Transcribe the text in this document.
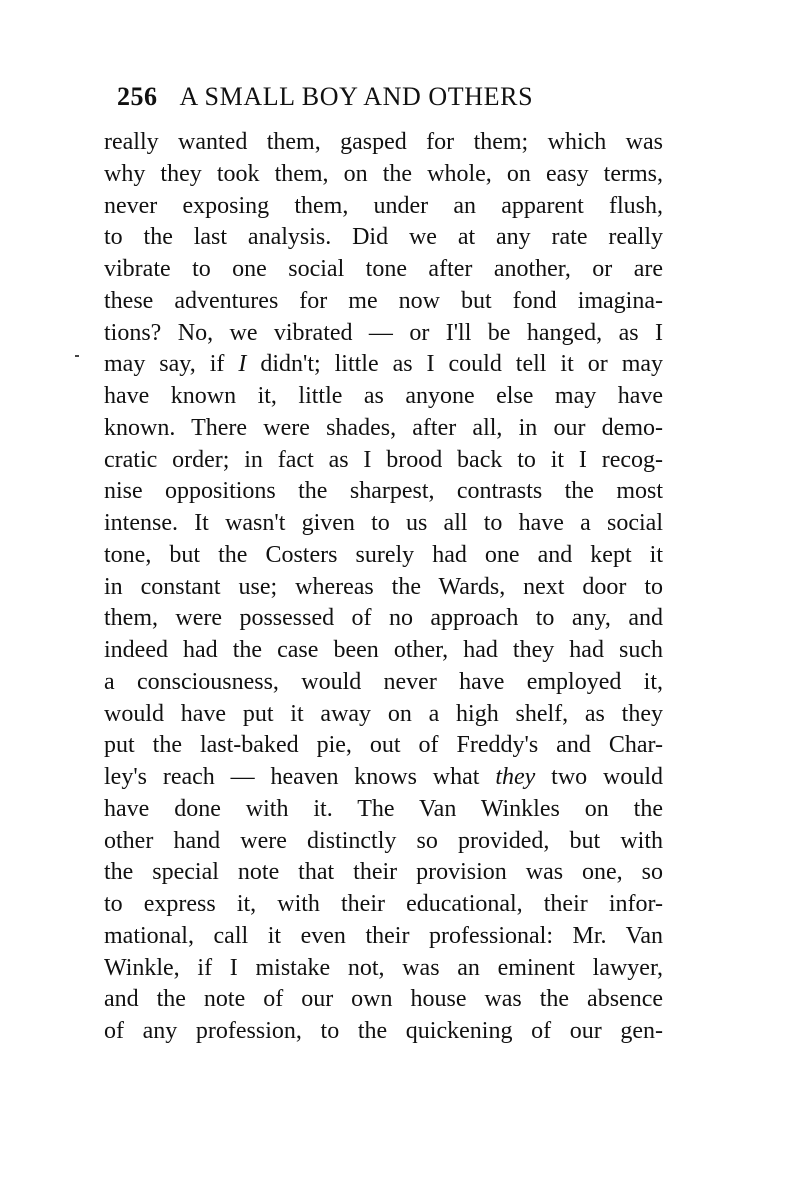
256 A SMALL BOY AND OTHERS
really wanted them, gasped for them; which was
why they took them, on the whole, on easy terms,
never exposing them, under an apparent flush,
to the last analysis. Did we at any rate really
vibrate to one social tone after another, or are
these adventures for me now but fond imagina-
tions? No, we vibrated — or I'll be hanged, as I
may say, if I didn't; little as I could tell it or may
have known it, little as anyone else may have
known. There were shades, after all, in our demo-
cratic order; in fact as I brood back to it I recog-
nise oppositions the sharpest, contrasts the most
intense. It wasn't given to us all to have a social
tone, but the Costers surely had one and kept it
in constant use; whereas the Wards, next door to
them, were possessed of no approach to any, and
indeed had the case been other, had they had such
a consciousness, would never have employed it,
would have put it away on a high shelf, as they
put the last-baked pie, out of Freddy's and Char-
ley's reach — heaven knows what they two would
have done with it. The Van Winkles on the
other hand were distinctly so provided, but with
the special note that their provision was one, so
to express it, with their educational, their infor-
mational, call it even their professional: Mr. Van
Winkle, if I mistake not, was an eminent lawyer,
and the note of our own house was the absence
of any profession, to the quickening of our gen-
